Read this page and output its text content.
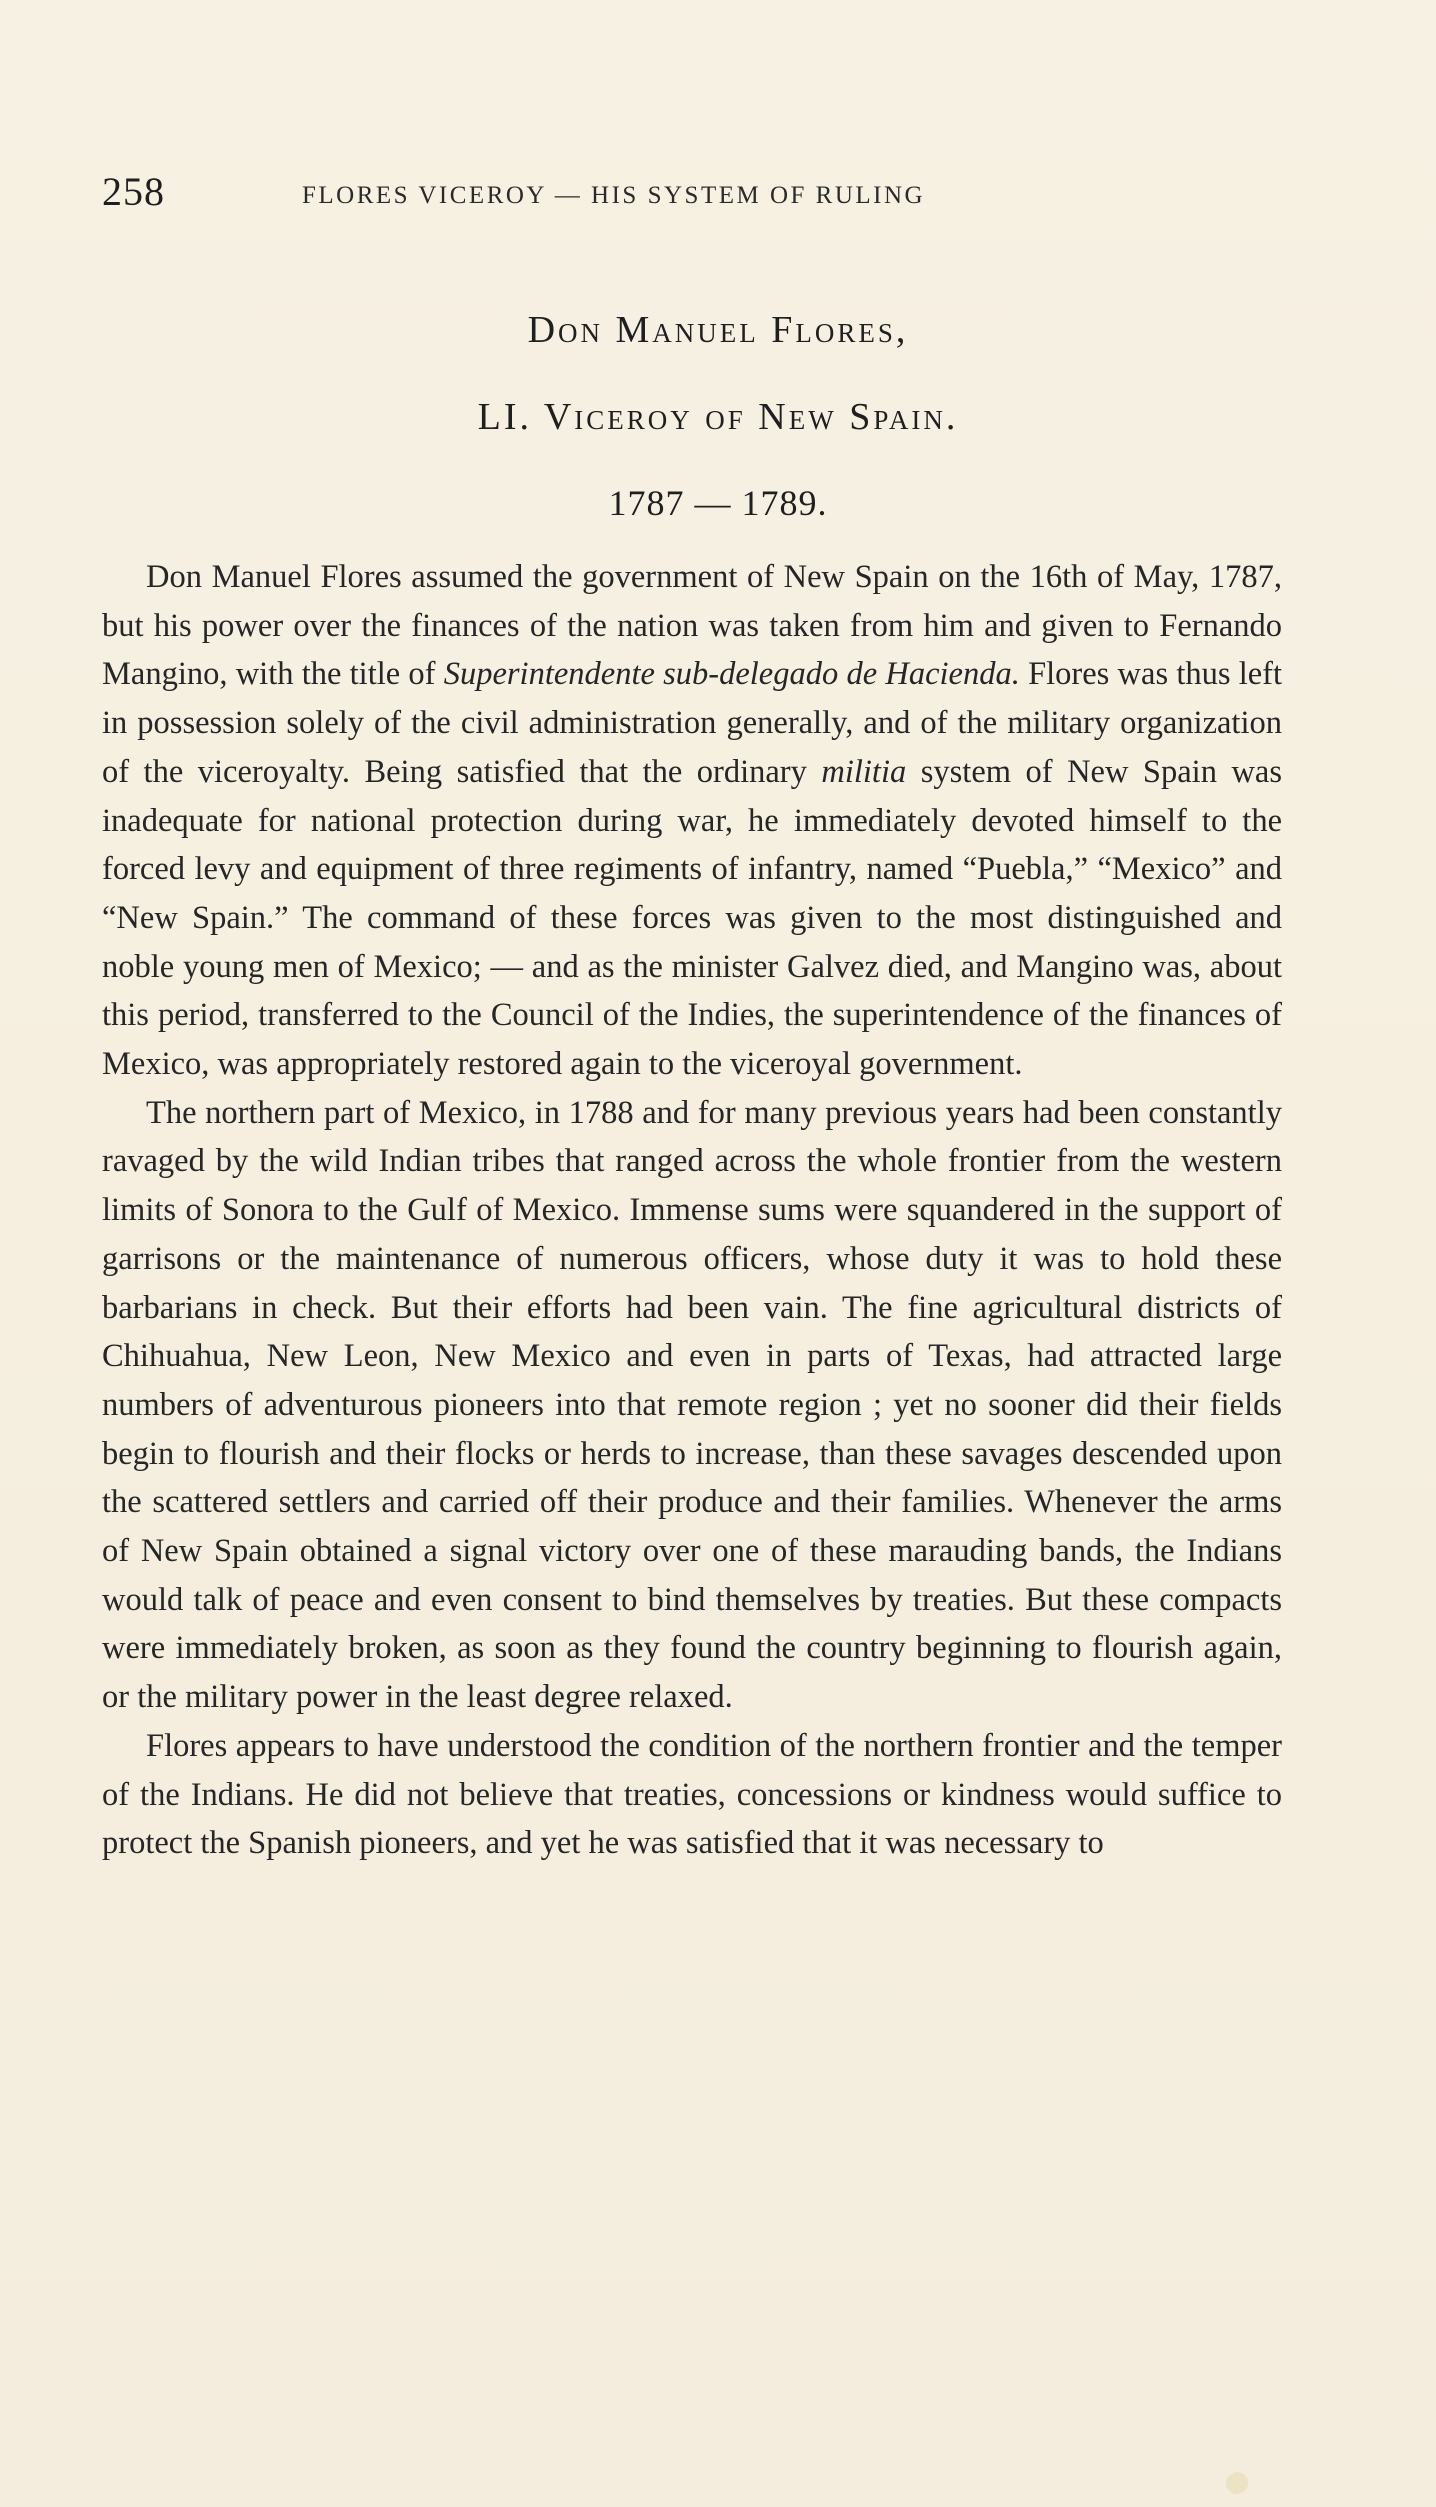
258	FLORES VICEROY — HIS SYSTEM OF RULING
Don Manuel Flores,
LI. Viceroy of New Spain.
1787 — 1789.

Don Manuel Flores assumed the government of New Spain on the 16th of May, 1787, but his power over the finances of the nation was taken from him and given to Fernando Mangino, with the title of Superintendente sub-delegado de Hacienda. Flores was thus left in possession solely of the civil administration generally, and of the military organization of the viceroyalty. Being satisfied that the ordinary militia system of New Spain was inadequate for national protection during war, he immediately devoted himself to the forced levy and equipment of three regiments of infantry, named “Puebla,” “Mexico” and “New Spain.” The command of these forces was given to the most distinguished and noble young men of Mexico; — and as the minister Galvez died, and Mangino was, about this period, transferred to the Council of the Indies, the superintendence of the finances of Mexico, was appropriately restored again to the viceroyal government.

The northern part of Mexico, in 1788 and for many previous years had been constantly ravaged by the wild Indian tribes that ranged across the whole frontier from the western limits of Sonora to the Gulf of Mexico. Immense sums were squandered in the support of garrisons or the maintenance of numerous officers, whose duty it was to hold these barbarians in check. But their efforts had been vain. The fine agricultural districts of Chihuahua, New Leon, New Mexico and even in parts of Texas, had attracted large numbers of adventurous pioneers into that remote region ; yet no sooner did their fields begin to flourish and their flocks or herds to increase, than these savages descended upon the scattered settlers and carried off their produce and their families. Whenever the arms of New Spain obtained a signal victory over one of these marauding bands, the Indians would talk of peace and even consent to bind themselves by treaties. But these compacts were immediately broken, as soon as they found the country beginning to flourish again, or the military power in the least degree relaxed.

Flores appears to have understood the condition of the northern frontier and the temper of the Indians. He did not believe that treaties, concessions or kindness would suffice to protect the Spanish pioneers, and yet he was satisfied that it was necessary to
